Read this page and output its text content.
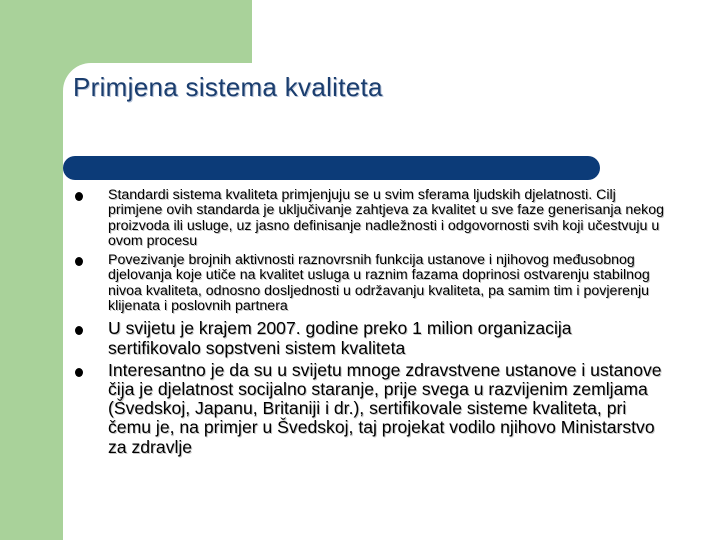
Primjena sistema kvaliteta
Standardi sistema kvaliteta primjenjuju se u svim sferama ljudskih djelatnosti. Cilj primjene ovih standarda je uključivanje zahtjeva za kvalitet u sve faze generisanja nekog proizvoda ili usluge, uz jasno definisanje nadležnosti i odgovornosti svih koji učestvuju u ovom procesu
Povezivanje brojnih aktivnosti raznovrsnih funkcija ustanove i njihovog međusobnog djelovanja koje utiče na kvalitet usluga u raznim fazama doprinosi ostvarenju stabilnog nivoa kvaliteta, odnosno dosljednosti u održavanju kvaliteta, pa samim tim i povjerenju klijenata i poslovnih partnera
U svijetu je krajem 2007. godine preko 1 milion organizacija sertifikovalo sopstveni sistem kvaliteta
Interesantno je da su u svijetu mnoge zdravstvene ustanove i ustanove čija je djelatnost socijalno staranje, prije svega u razvijenim zemljama (Švedskoj, Japanu, Britaniji i dr.), sertifikovale sisteme kvaliteta, pri čemu je, na primjer u Švedskoj, taj projekat vodilo njihovo Ministarstvo za zdravlje
